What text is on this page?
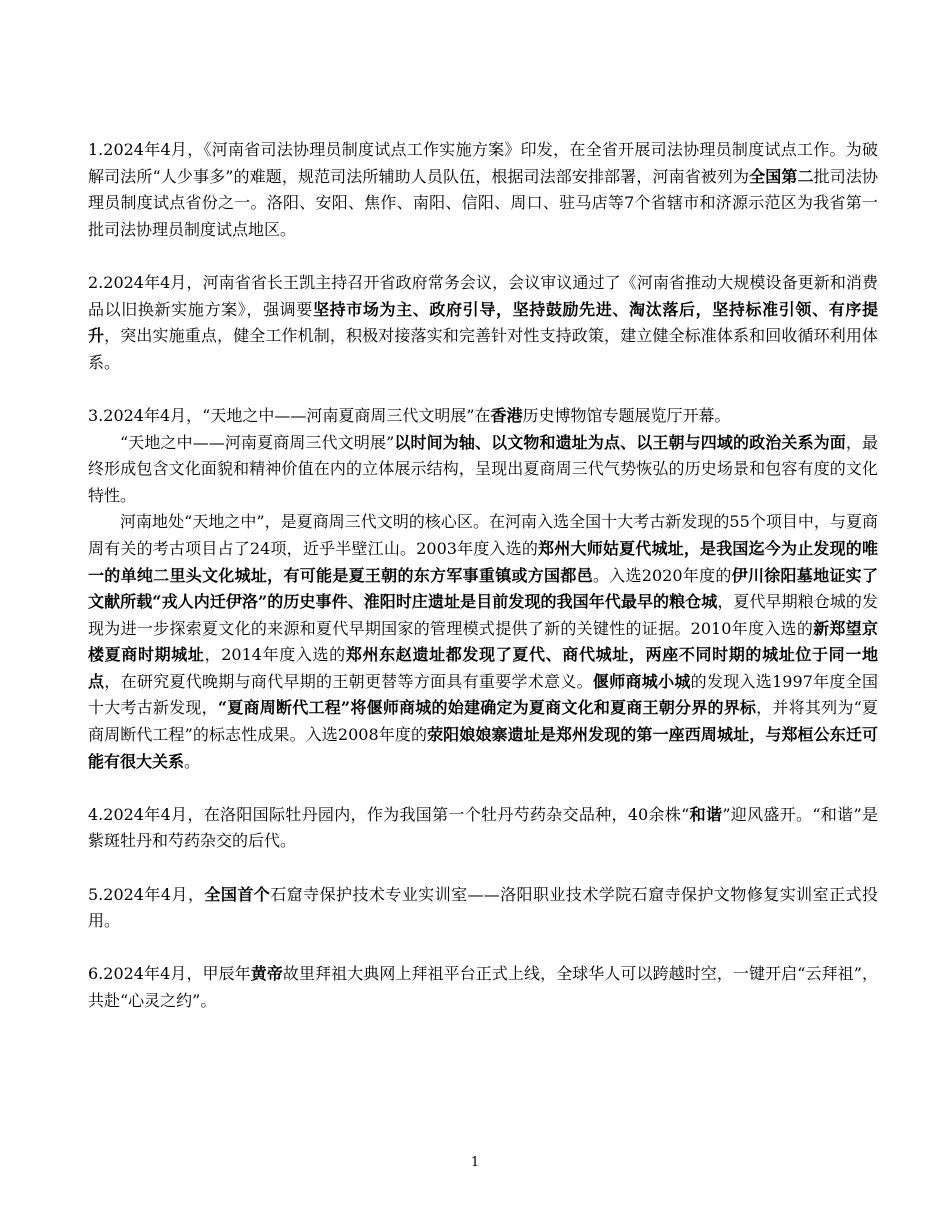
1.2024年4月，《河南省司法协理员制度试点工作实施方案》印发，在全省开展司法协理员制度试点工作。为破解司法所“人少事多”的难题，规范司法所辅助人员队伍，根据司法部安排部署，河南省被列为全国第二批司法协理员制度试点省份之一。洛阳、安阳、焦作、南阳、信阳、周口、驻马店等7个省辖市和济源示范区为我省第一批司法协理员制度试点地区。

2.2024年4月，河南省省长王凯主持召开省政府常务会议，会议审议通过了《河南省推动大规模设备更新和消费品以旧换新实施方案》，强调要坚持市场为主、政府引导，坚持鼓励先进、淘汰落后，坚持标准引领、有序提升，突出实施重点，健全工作机制，积极对接落实和完善针对性支持政策，建立健全标准体系和回收循环利用体系。

3.2024年4月，“天地之中——河南夏商周三代文明展”在香港历史博物馆专题展览厅开幕。

“天地之中——河南夏商周三代文明展”以时间为轴、以文物和遗址为点、以王朝与四域的政治关系为面，最终形成包含文化面貌和精神价值在内的立体展示结构，呈现出夏商周三代气势恢弘的历史场景和包容有度的文化特性。

河南地处“天地之中”，是夏商周三代文明的核心区。在河南入选全国十大考古新发现的55个项目中，与夏商周有关的考古项目占了24项，近乎半壁江山。2003年度入选的郑州大师姑夏代城址，是我国迄今为止发现的唯一的单纯二里头文化城址，有可能是夏王朝的东方军事重镇或方国都邑。入选2020年度的伊川徐阳墓地证实了文献所载“戎人内迁伊洛”的历史事件、淮阳时庄遗址是目前发现的我国年代最早的粮仓城，夏代早期粮仓城的发现为进一步探索夏文化的来源和夏代早期国家的管理模式提供了新的关键性的证据。2010年度入选的新郑望京楼夏商时期城址，2014年度入选的郑州东赵遗址都发现了夏代、商代城址，两座不同时期的城址位于同一地点，在研究夏代晚期与商代早期的王朝更替等方面具有重要学术意义。偃师商城小城的发现入选1997年度全国十大考古新发现，“夏商周断代工程”将偃师商城的始建确定为夏商文化和夏商王朝分界的界标，并将其列为“夏商周断代工程”的标志性成果。入选2008年度的荥阳娘娘寨遗址是郑州发现的第一座西周城址，与郑桓公东迁可能有很大关系。

4.2024年4月，在洛阳国际牡丹园内，作为我国第一个牡丹芍药杂交品种，40余株“和谐”迎风盛开。“和谐”是紫斑牡丹和芍药杂交的后代。

5.2024年4月，全国首个石窟寺保护技术专业实训室——洛阳职业技术学院石窟寺保护文物修复实训室正式投用。

6.2024年4月，甲辰年黄帝故里拜祖大典网上拜祖平台正式上线，全球华人可以跨越时空，一键开启“云拜祖”，共赴“心灵之约”。

1
